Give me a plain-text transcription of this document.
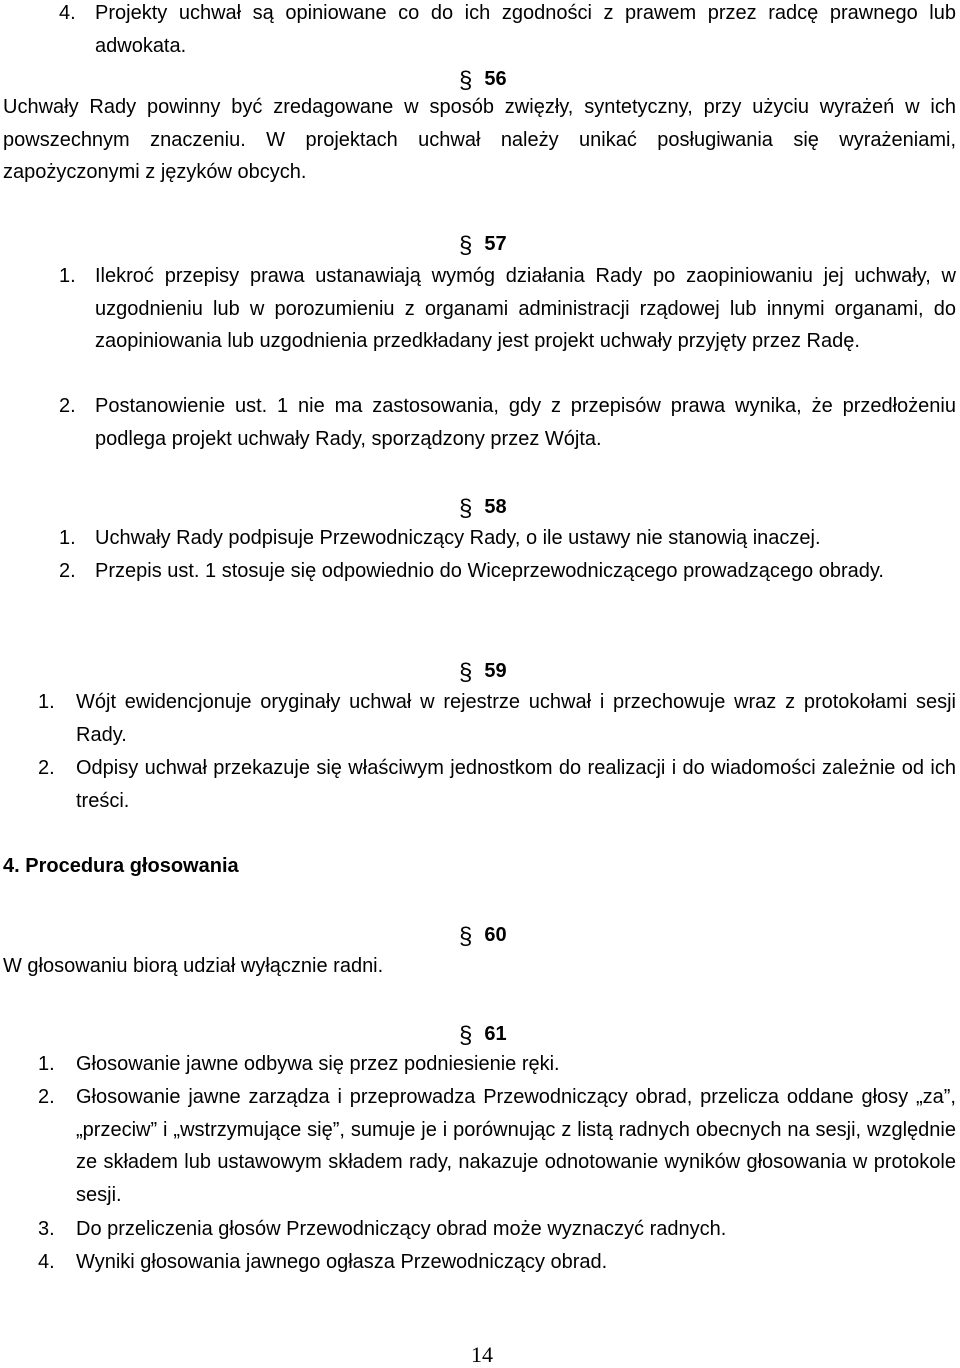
4. Projekty uchwał są opiniowane co do ich zgodności z prawem przez radcę prawnego lub adwokata.
§ 56
Uchwały Rady powinny być zredagowane w sposób zwięzły, syntetyczny, przy użyciu wyrażeń w ich powszechnym znaczeniu. W projektach uchwał należy unikać posługiwania się wyrażeniami, zapożyczonymi z języków obcych.
§ 57
1. Ilekroć przepisy prawa ustanawiają wymóg działania Rady po zaopiniowaniu jej uchwały, w uzgodnieniu lub w porozumieniu z organami administracji rządowej lub innymi organami, do zaopiniowania lub uzgodnienia przedkładany jest projekt uchwały przyjęty przez Radę.
2. Postanowienie ust. 1 nie ma zastosowania, gdy z przepisów prawa wynika, że przedłożeniu podlega projekt uchwały Rady, sporządzony przez Wójta.
§ 58
1. Uchwały Rady podpisuje Przewodniczący Rady, o ile ustawy nie stanowią inaczej.
2. Przepis ust. 1 stosuje się odpowiednio do Wiceprzewodniczącego prowadzącego obrady.
§ 59
1. Wójt ewidencjonuje oryginały uchwał w rejestrze uchwał i przechowuje wraz z protokołami sesji Rady.
2. Odpisy uchwał przekazuje się właściwym jednostkom do realizacji i do wiadomości zależnie od ich treści.
4. Procedura głosowania
§ 60
W głosowaniu biorą udział wyłącznie radni.
§ 61
1. Głosowanie jawne odbywa się przez podniesienie ręki.
2. Głosowanie jawne zarządza i przeprowadza Przewodniczący obrad, przelicza oddane głosy „za”, „przeciw” i „wstrzymujące się”, sumuje je i porównując z listą radnych obecnych na sesji, względnie ze składem lub ustawowym składem rady, nakazuje odnotowanie wyników głosowania w protokole sesji.
3. Do przeliczenia głosów Przewodniczący obrad może wyznaczyć radnych.
4. Wyniki głosowania jawnego ogłasza Przewodniczący obrad.
14
